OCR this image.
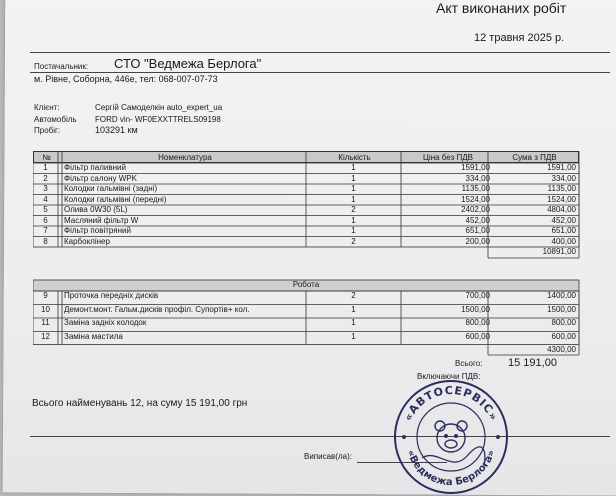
Акт виконаних робіт
12 травня 2025 р.
Постачальник: СТО "Ведмежа Берлога"
м. Рівне, Соборна, 446е, тел: 068-007-07-73
Клієнт:	Сергій Самоделкін auto_expert_ua
Автомобіль FORD vin- WF0EXXTTRELS09198
Пробіг:	103291 км
№	Номенклатура	Кількість	Ціна без ПДВ	Сума з ПДВ
1	Фільтр паливний	1	1591,00	1591,00
2	Фільтр салону WPK	1	334,00	334,00
3	Колодки гальмівні (задні)	1	1135,00	1135,00
4	Колодки гальмівні (передні)	1	1524,00	1524,00
5	Олива 0W30 (5L)	2	2402,00	4804,00
6	Масляний фільтр W	1	452,00	452,00
7	Фільтр повітряний	1	651,00	651,00
8	Карбоклінер	2	200,00	400,00
10891,00
Робота
9	Проточка передніх дисків	2	700,00	1400,00
10	Демонт.монт. Гальм.дисків профіл. Супортів+ кол.	1	1500,00	1500,00
11	Заміна задніх колодок	1	800,00	800,00
12	Заміна мастила	1	600,00	600,00
4300,00
Всього: 15 191,00
Включаючи ПДВ:
Всього найменувань 12, на суму 15 191,00 грн
Виписав(ла):
«АВТОСЕРВІС»
«Ведмежа Берлога»
